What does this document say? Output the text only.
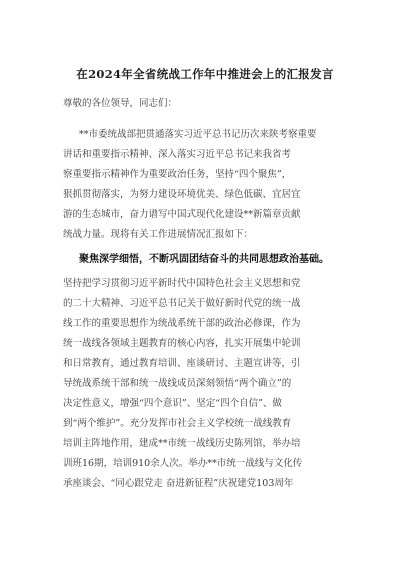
在2024年全省统战工作年中推进会上的汇报发言
尊敬的各位领导，同志们：
**市委统战部把贯通落实习近平总书记历次来陕考察重要
讲话和重要指示精神、深入落实习近平总书记来我省考
察重要指示精神作为重要政治任务，坚持“四个聚焦”，
狠抓贯彻落实，为努力建设环境优美、绿色低碳、宜居宜
游的生态城市，奋力谱写中国式现代化建设**新篇章贡献
统战力量。现将有关工作进展情况汇报如下：
聚焦深学细悟，不断巩固团结奋斗的共同思想政治基础。
坚持把学习贯彻习近平新时代中国特色社会主义思想和党
的二十大精神、习近平总书记关于做好新时代党的统一战
线工作的重要思想作为统战系统干部的政治必修课，作为
统一战线各领域主题教育的核心内容，扎实开展集中轮训
和日常教育，通过教育培训、座谈研讨、主题宣讲等，引
导统战系统干部和统一战线成员深刻领悟“两个确立”的
决定性意义，增强“四个意识”、坚定“四个自信”、做
到“两个维护”。充分发挥市社会主义学校统一战线教育
培训主阵地作用，建成**市统一战线历史陈列馆，举办培
训班16期，培训910余人次。举办**市统一战线与文化传
承座谈会、“同心跟党走 奋进新征程”庆祝建党103周年
